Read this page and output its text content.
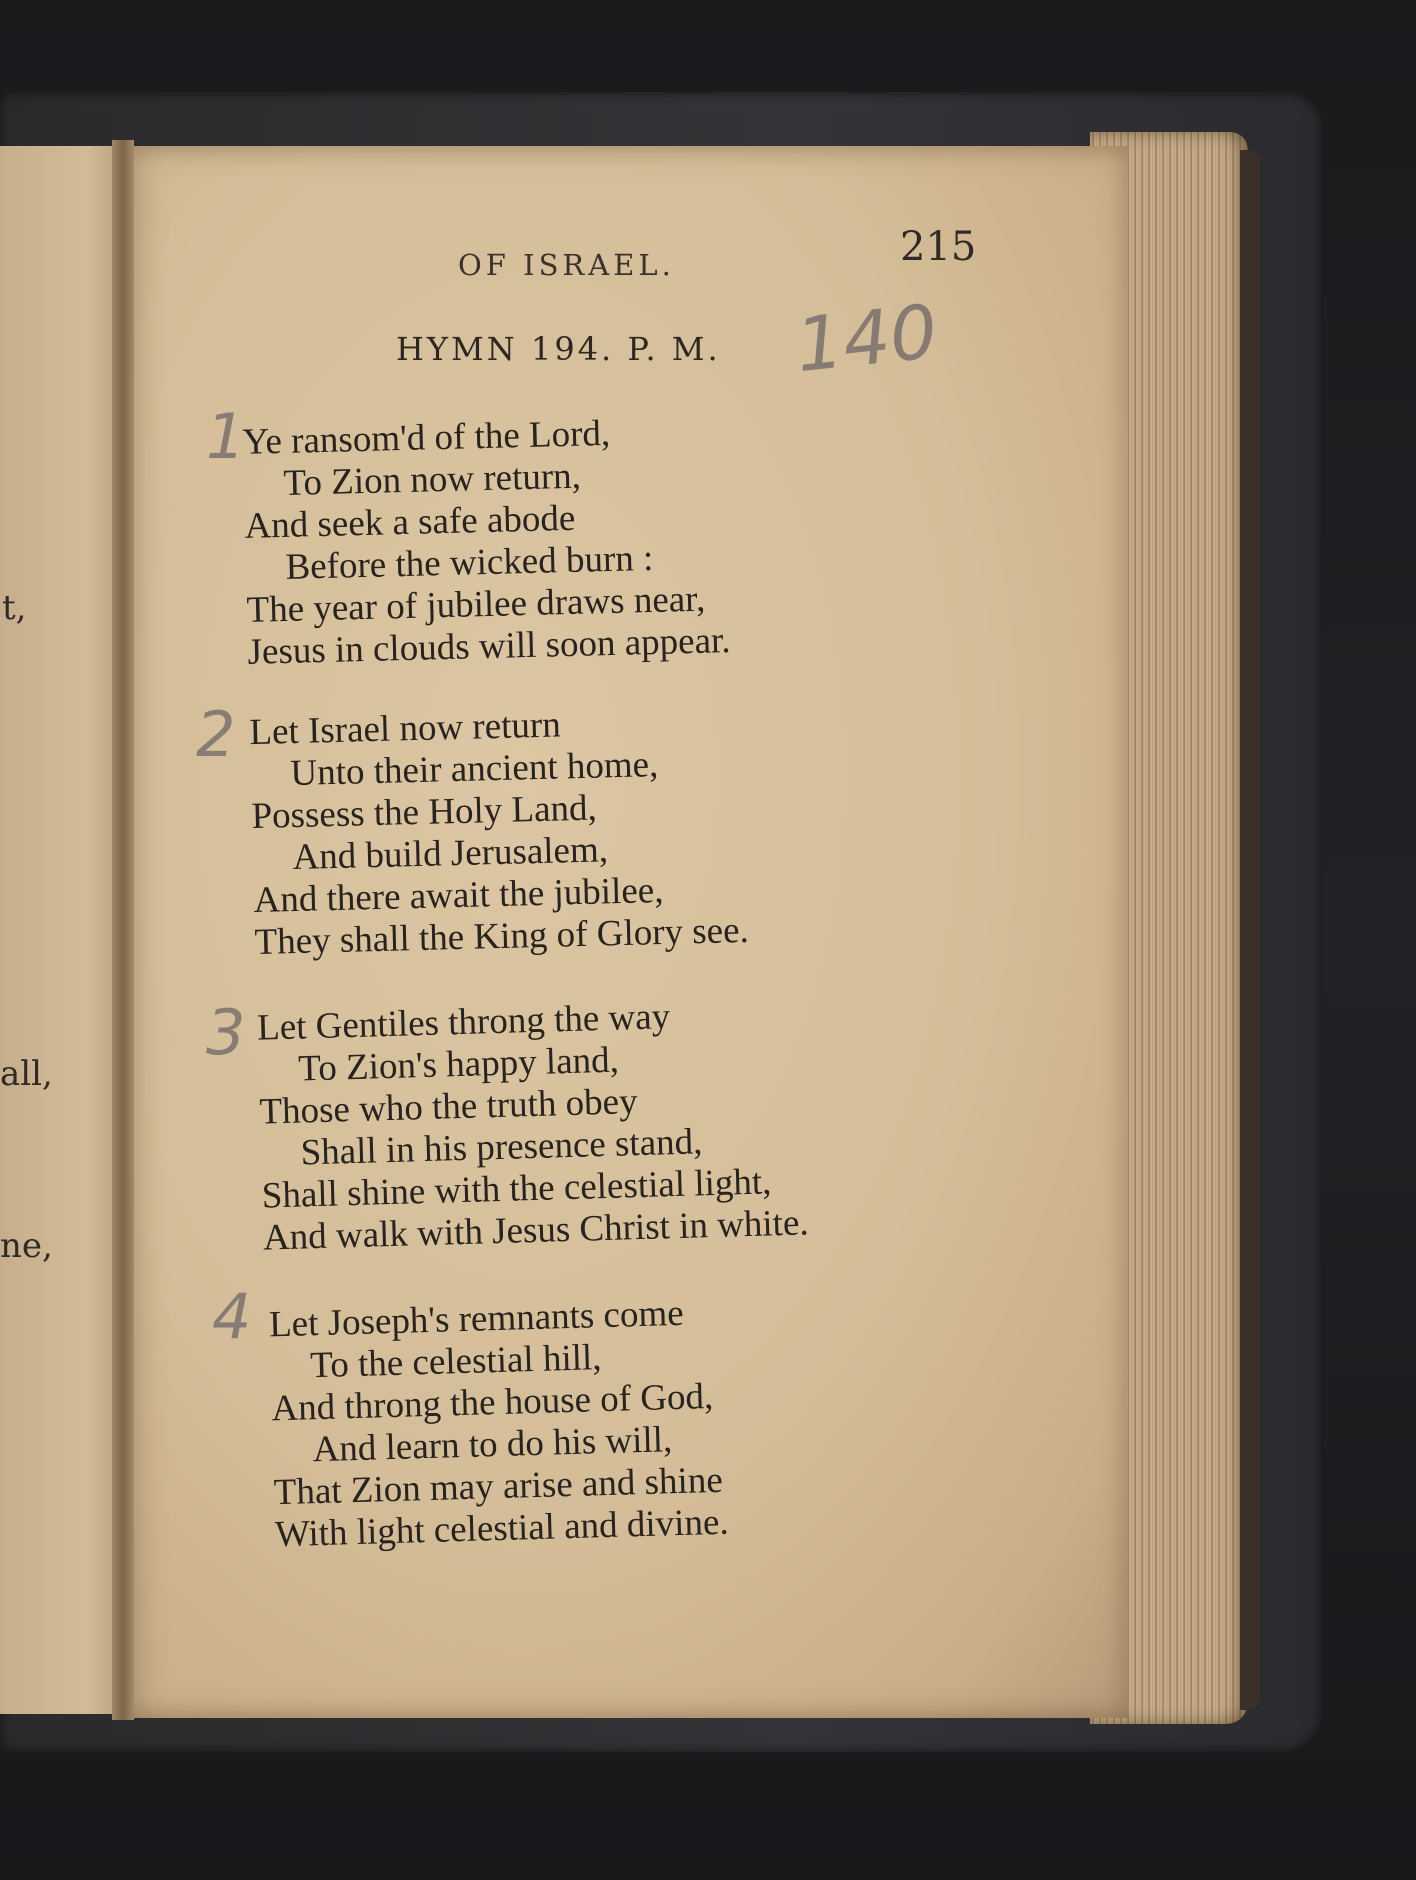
t,
all,
ne,
OF ISRAEL.	215
HYMN 194. P. M. 140
1
2
3
4
Ye ransom'd of the Lord,
To Zion now return,
And seek a safe abode
Before the wicked burn :
The year of jubilee draws near,
Jesus in clouds will soon appear.
Let Israel now return
Unto their ancient home,
Possess the Holy Land,
And build Jerusalem,
And there await the jubilee,
They shall the King of Glory see.
Let Gentiles throng the way
To Zion's happy land,
Those who the truth obey
Shall in his presence stand,
Shall shine with the celestial light,
And walk with Jesus Christ in white.
Let Joseph's remnants come
To the celestial hill,
And throng the house of God,
And learn to do his will,
That Zion may arise and shine
With light celestial and divine.
